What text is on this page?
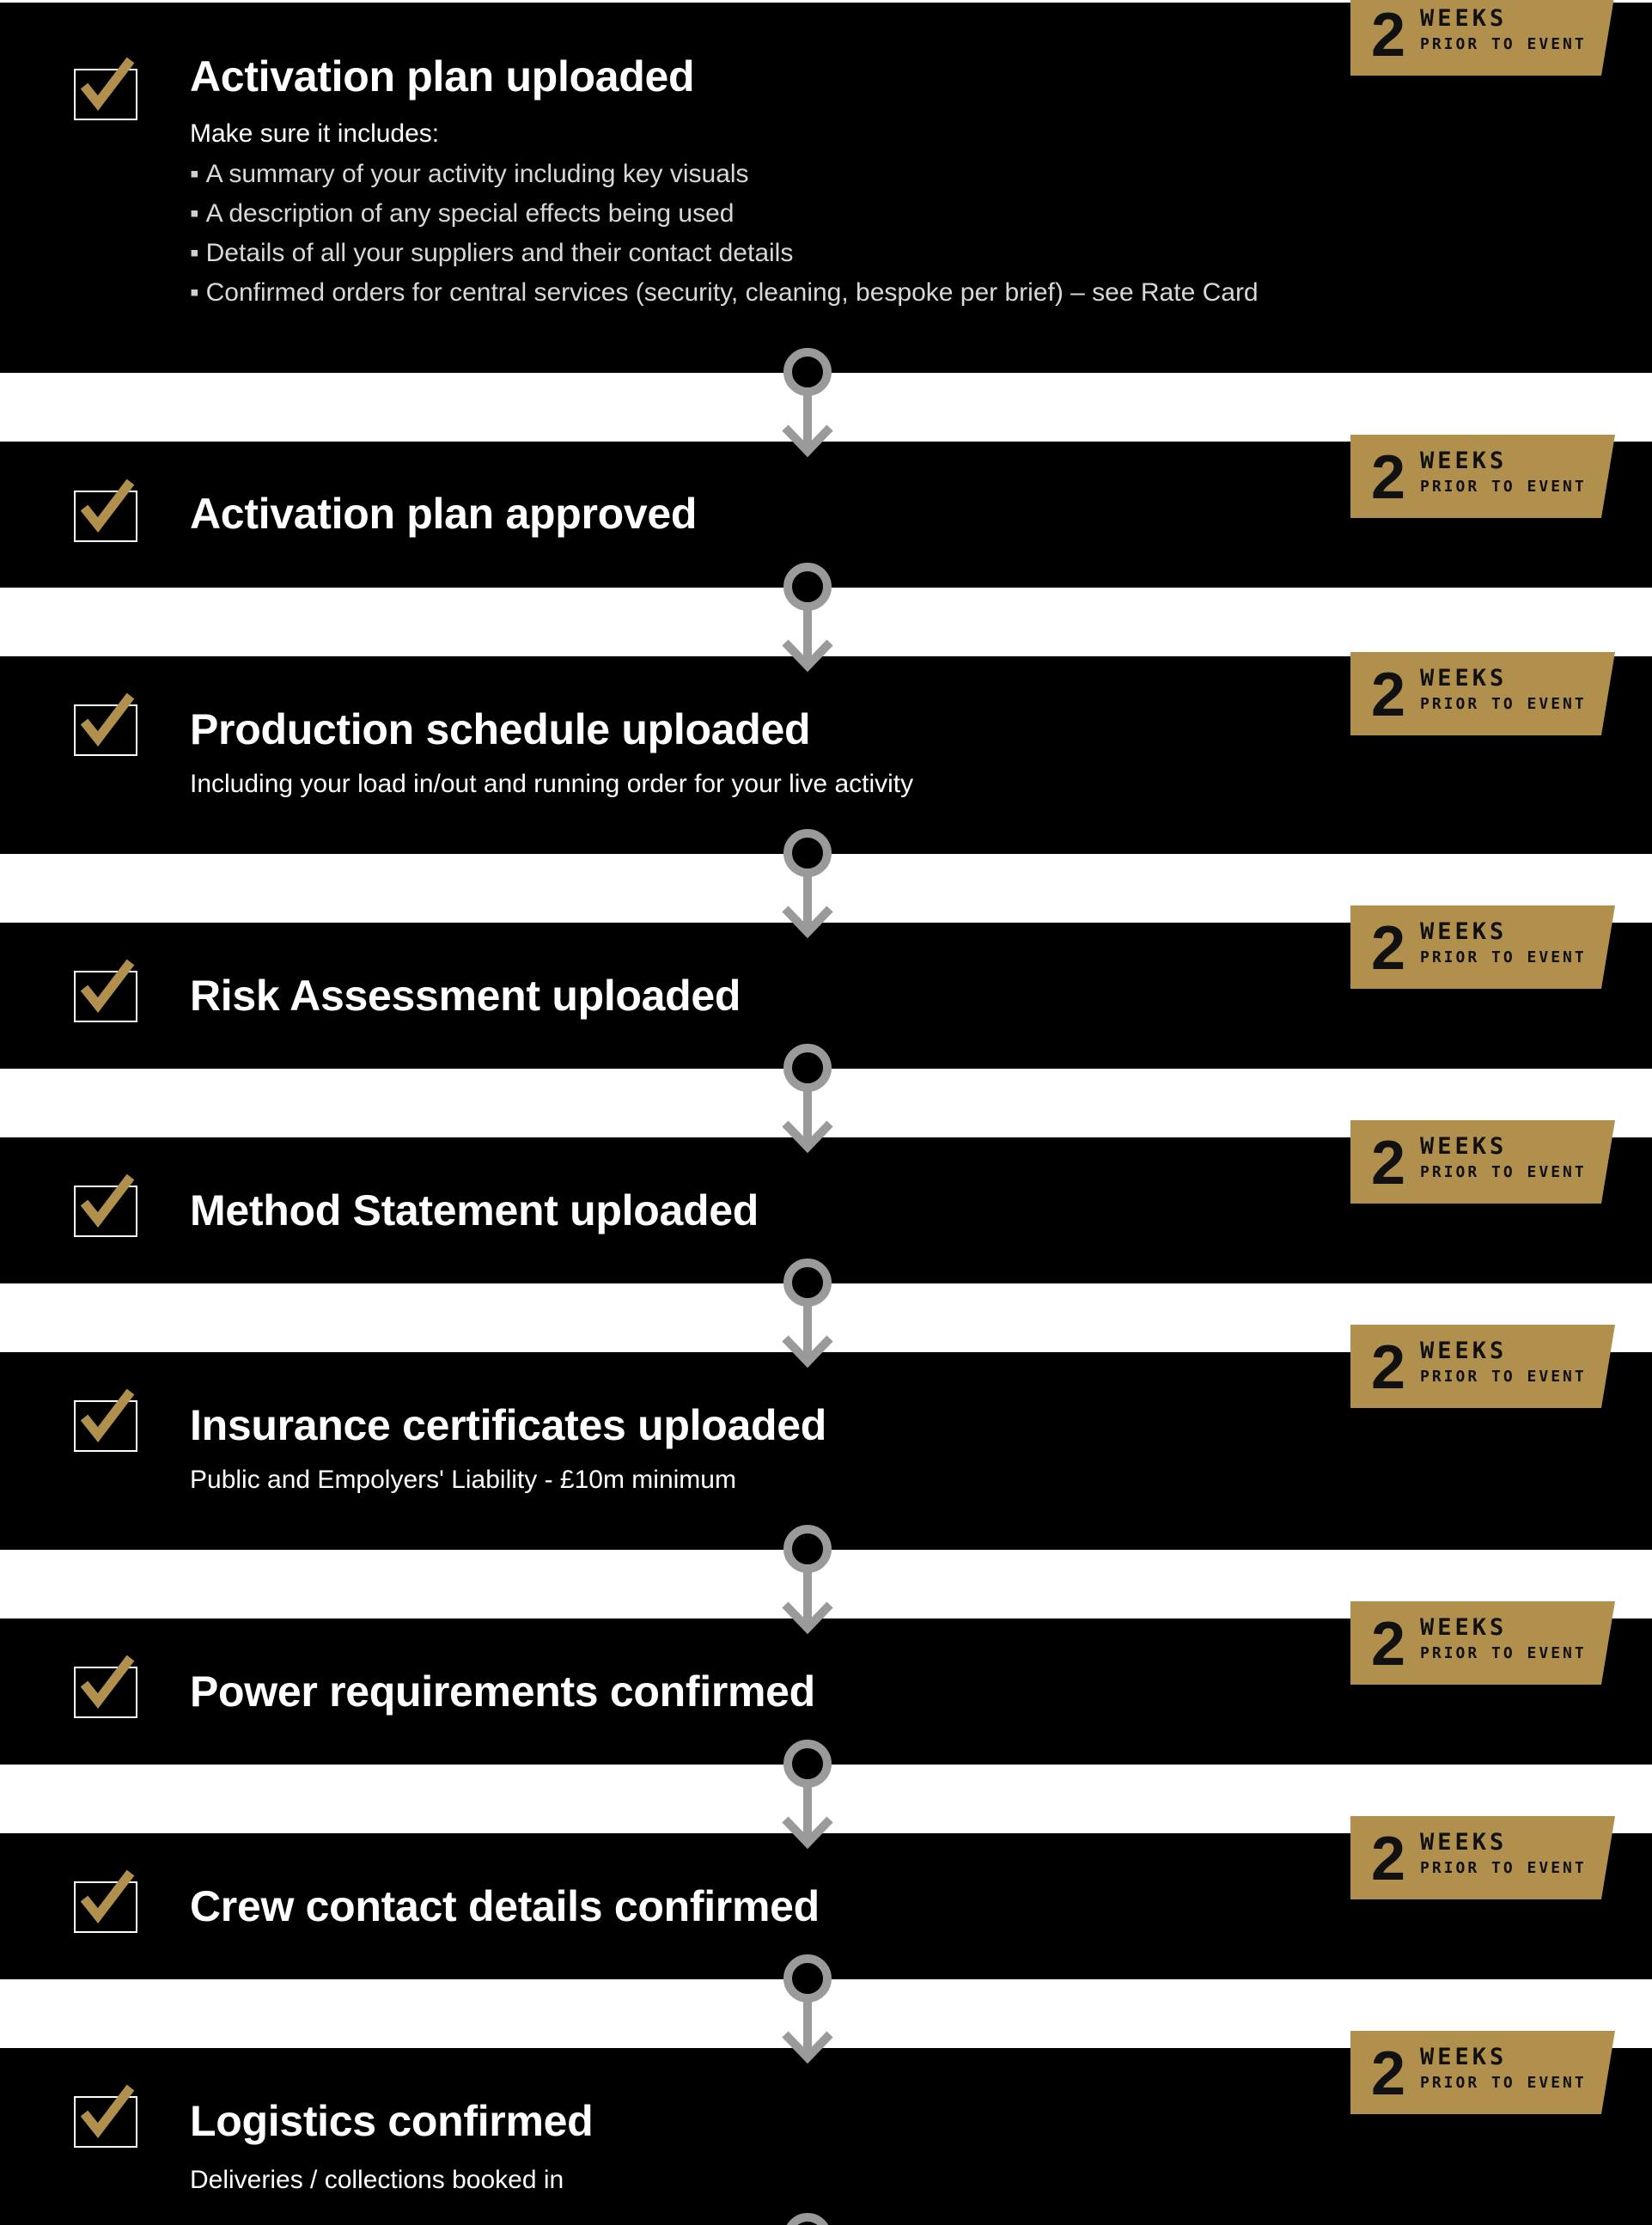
Activation plan uploaded
Make sure it includes:
▪ A summary of your activity including key visuals
▪ A description of any special effects being used
▪ Details of all your suppliers and their contact details
▪ Confirmed orders for central services (security, cleaning, bespoke per brief) – see Rate Card
2 WEEKS
PRIOR TO EVENT
Activation plan approved
2 WEEKS
PRIOR TO EVENT
Production schedule uploaded
Including your load in/out and running order for your live activity
2 WEEKS
PRIOR TO EVENT
Risk Assessment uploaded
2 WEEKS
PRIOR TO EVENT
Method Statement uploaded
2 WEEKS
PRIOR TO EVENT
Insurance certificates uploaded
Public and Empolyers' Liability - £10m minimum
2 WEEKS
PRIOR TO EVENT
Power requirements confirmed
2 WEEKS
PRIOR TO EVENT
Crew contact details confirmed
2 WEEKS
PRIOR TO EVENT
Logistics confirmed
Deliveries / collections booked in
2 WEEKS
PRIOR TO EVENT
